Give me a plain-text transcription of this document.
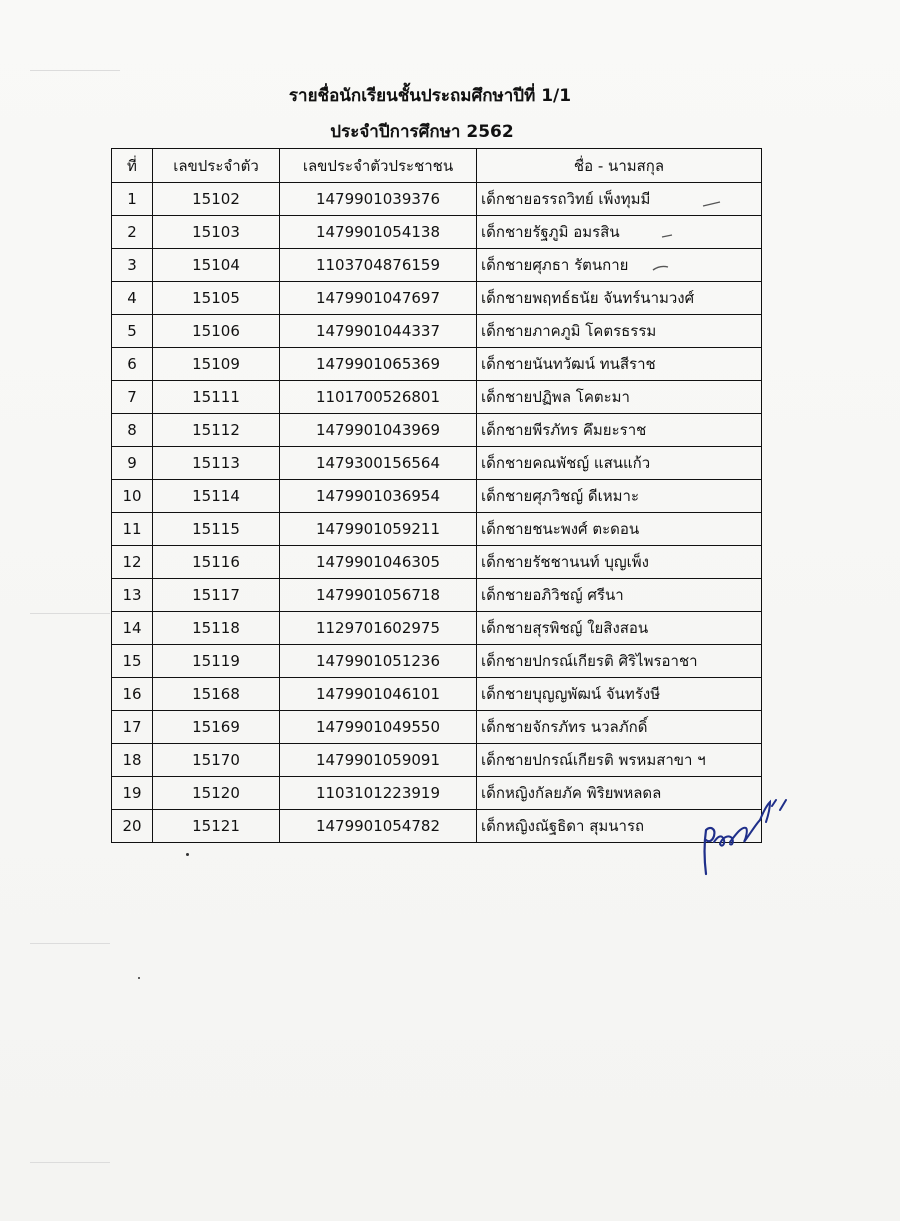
รายชื่อนักเรียนชั้นประถมศึกษาปีที่ 1/1
ประจำปีการศึกษา 2562
ที่	เลขประจำตัว	เลขประจำตัวประชาชน	ชื่อ - นามสกุล
1	15102	1479901039376	เด็กชายอรรถวิทย์ เพ็งทุมมี
2	15103	1479901054138	เด็กชายรัฐภูมิ อมรสิน
3	15104	1103704876159	เด็กชายศุภธา รัตนกาย
4	15105	1479901047697	เด็กชายพฤทธ์ธนัย จันทร์นามวงศ์
5	15106	1479901044337	เด็กชายภาคภูมิ โคตรธรรม
6	15109	1479901065369	เด็กชายนันทวัฒน์ ทนสีราช
7	15111	1101700526801	เด็กชายปฏิพล โคตะมา
8	15112	1479901043969	เด็กชายพีรภัทร คึมยะราช
9	15113	1479300156564	เด็กชายคณพัชญ์ แสนแก้ว
10	15114	1479901036954	เด็กชายศุภวิชญ์ ดีเหมาะ
11	15115	1479901059211	เด็กชายชนะพงศ์ ตะดอน
12	15116	1479901046305	เด็กชายรัชชานนท์ บุญเพ็ง
13	15117	1479901056718	เด็กชายอภิวิชญ์ ศรีนา
14	15118	1129701602975	เด็กชายสุรพิชญ์ ใยสิงสอน
15	15119	1479901051236	เด็กชายปกรณ์เกียรติ ศิริไพรอาชา
16	15168	1479901046101	เด็กชายบุญญพัฒน์ จันทรังษี
17	15169	1479901049550	เด็กชายจักรภัทร นวลภักดิ์
18	15170	1479901059091	เด็กชายปกรณ์เกียรติ พรหมสาขา ฯ
19	15120	1103101223919	เด็กหญิงกัลยภัค พิริยพหลดล
20	15121	1479901054782	เด็กหญิงณัฐธิดา สุมนารถ
